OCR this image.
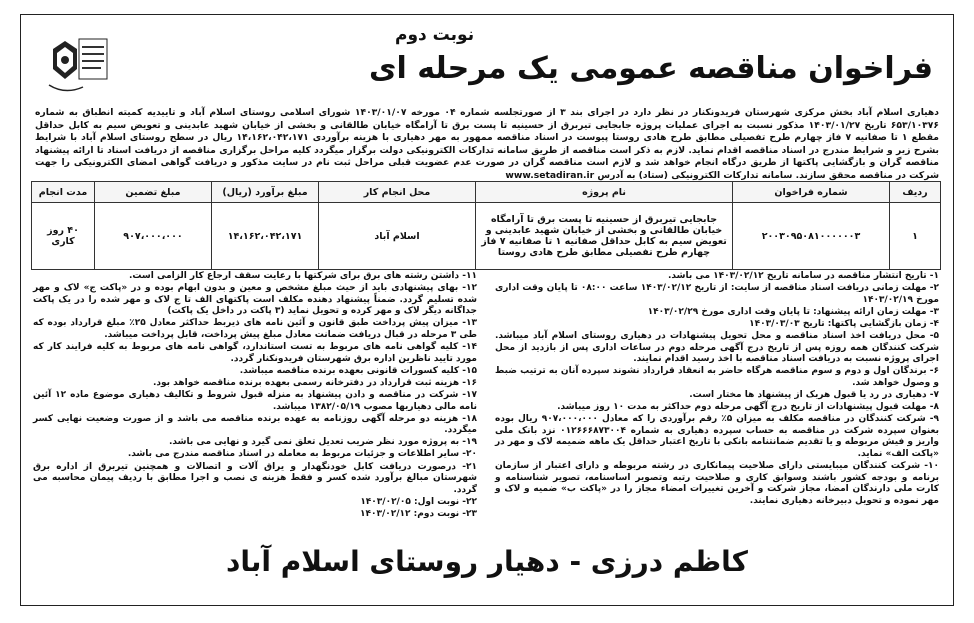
نوبت دوم
فراخوان مناقصه عمومی یک مرحله ای
دهیاری اسلام آباد بخش مرکزی شهرستان فریدونکنار در نظر دارد در اجرای بند ۳ از صورتجلسه شماره ۰۴ مورخه ۱۴۰۳/۰۱/۰۷ شورای اسلامی روستای اسلام آباد و تاییدیه کمیته انطباق به شماره ۶۵۳/۱۰۳۷۶ تاریخ ۱۴۰۳/۰۱/۲۷ مذکور نسبت به اجرای عملیات پروژه جابجایی تیربرق از حسینیه تا پست برق تا آرامگاه خیابان طالقانی و بخشی از خیابان شهید عابدینی و تعویض سیم به کابل حداقل مقطع ۱ تا صفانیه ۷ فاز چهارم طرح تفصیلی مطابق طرح هادی روستا پیوست در اسناد مناقصه ممهور به مهر دهیاری با هزینه برآوردی ۱۴،۱۶۲،۰۴۲،۱۷۱ ریال در سطح روستای اسلام آباد با شرایط بشرح زیر و شرایط مندرج در اسناد مناقصه اقدام نماید. لازم به ذکر است مناقصه از طریق سامانه تدارکات الکترونیکی دولت برگزار میگردد کلیه مراحل برگزاری مناقصه از دریافت اسناد تا ارائه پیشنهاد مناقصه گران و بازگشایی پاکتها از طریق درگاه انجام خواهد شد و لازم است مناقصه گران در صورت عدم عضویت قبلی مراحل ثبت نام در سایت مذکور و دریافت گواهی امضای الکترونیکی را جهت شرکت در مناقصه محقق سازند. سامانه تدارکات الکترونیکی (ستاد) به آدرس www.setadiran.ir
ردیف	شماره فراخوان	نام پروژه	محل انجام کار	مبلغ برآورد (ریال)	مبلغ تضمین	مدت انجام
۱	۲۰۰۳۰۹۵۰۸۱۰۰۰۰۰۰۳	جابجایی تیربرق از حسینیه تا پست برق تا آرامگاه خیابان طالقانی و بخشی از خیابان شهید عابدینی و تعویض سیم به کابل حداقل صفانیه ۱ تا صفانیه ۷ فاز چهارم طرح تفصیلی مطابق طرح هادی روستا	اسلام آباد	۱۴،۱۶۲،۰۴۲،۱۷۱	۹۰۷،۰۰۰،۰۰۰	۴۰ روز کاری

۱- تاریخ انتشار مناقصه در سامانه تاریخ ۱۴۰۳/۰۲/۱۲ می باشد.

۲- مهلت زمانی دریافت اسناد مناقصه از سایت: از تاریخ ۱۴۰۳/۰۲/۱۲ ساعت ۰۸:۰۰ تا پایان وقت اداری مورخ ۱۴۰۳/۰۲/۱۹

۳- مهلت زمان ارائه پیشنهاد: تا پایان وقت اداری مورخ ۱۴۰۳/۰۲/۲۹

۴- زمان بازگشایی پاکتها: تاریخ ۱۴۰۳/۰۳/۰۳

۵- محل دریافت اخذ اسناد مناقصه و محل تحویل پیشنهادات در دهیاری روستای اسلام آباد میباشد. شرکت کنندگان همه روزه پس از تاریخ درج آگهی مرحله دوم در ساعات اداری پس از بازدید از محل اجرای پروژه نسبت به دریافت اسناد مناقصه با اخذ رسید اقدام نمایند.

۶- برندگان اول و دوم و سوم مناقصه هرگاه حاضر به انعقاد قرارداد نشوند سپرده آنان به ترتیب ضبط و وصول خواهد شد.

۷- دهیاری در رد یا قبول هریک از پیشنهاد ها مختار است.

۸- مهلت قبول پیشنهادات از تاریخ درج آگهی مرحله دوم حداکثر به مدت ۱۰ روز میباشد.

۹- شرکت کنندگان در مناقصه مکلف به میزان ۵٪ رقم برآوردی را که معادل ۹۰۷،۰۰۰،۰۰۰ ریال بوده بعنوان سپرده شرکت در مناقصه به حساب سپرده دهیاری به شماره ۰۱۲۶۶۶۸۷۳۰۰۴ نزد بانک ملی واریز و فیش مربوطه و یا تقدیم ضمانتنامه بانکی با تاریخ اعتبار حداقل یک ماهه ضمیمه لاک و مهر در «پاکت الف» نماید.

۱۰- شرکت کنندگان میبایستی دارای صلاحیت پیمانکاری در رشته مربوطه و دارای اعتبار از سازمان برنامه و بودجه کشور باشند وسوابق کاری و صلاحیت رتبه وتصویر اساسنامه، تصویر شناسنامه و کارت ملی دارندگان امضا، مجاز شرکت و آخرین تغییرات امضاء مجاز را در «پاکت ب» ضمیه و لاک و مهر نموده و تحویل دبیرخانه دهیاری نمایند.

۱۱- داشتن رشته های برق برای شرکتها با رعایت سقف ارجاع کار الزامی است.

۱۲- بهای پیشنهادی باید از حیث مبلغ مشخص و معین و بدون ابهام بوده و در «پاکت ج» لاک و مهر شده تسلیم گردد. ضمناً پیشنهاد دهنده مکلف است پاکتهای الف تا ج لاک و مهر شده را در یک پاکت جداگانه دیگر لاک و مهر کرده و تحویل نماید (۳ پاکت در داخل یک پاکت)

۱۳- میزان پیش پرداخت طبق قانون و آئین نامه های ذیربط حداکثر معادل ۲۵٪ مبلغ قرارداد بوده که طی ۳ مرحله در قبال دریافت ضمانت معادل مبلغ پیش پرداخت، قابل پرداخت میباشد.

۱۴- کلیه گواهی نامه های مربوط به تست استاندارد، گواهی نامه های مربوط به کلیه فرایند کار که مورد تایید ناظرین اداره برق شهرستان فریدونکنار گردد.

۱۵- کلیه کسورات قانونی بعهده برنده مناقصه میباشد.

۱۶- هزینه ثبت قرارداد در دفترخانه رسمی بعهده برنده مناقصه خواهد بود.

۱۷- شرکت در مناقصه و دادن پیشنهاد به منزله قبول شروط و تکالیف دهیاری موضوع ماده ۱۲ آئین نامه مالی دهیاریها مصوب ۱۳۸۲/۰۵/۱۹ میباشد.

۱۸- هزینه دو مرحله آگهی روزنامه به عهده برنده مناقصه می باشد و از صورت وضعیت نهایی کسر میگردد.

۱۹- به پروژه مورد نظر ضریب تعدیل تعلق نمی گیرد و نهایی می باشد.

۲۰- سایر اطلاعات و جزئیات مربوط به معامله در اسناد مناقصه مندرج می باشد.

۲۱- درصورت دریافت کابل خودنگهدار و یراق آلات و اتصالات و همچنین تیربرق از اداره برق شهرستان مبالغ برآورد شده کسر و فقط هزینه ی نصب و اجرا مطابق با ردیف پیمان محاسبه می گردد.

۲۲- نوبت اول: ۱۴۰۳/۰۲/۰۵

۲۳- نوبت دوم: ۱۴۰۳/۰۲/۱۲

کاظم درزی - دهیار روستای اسلام آباد
